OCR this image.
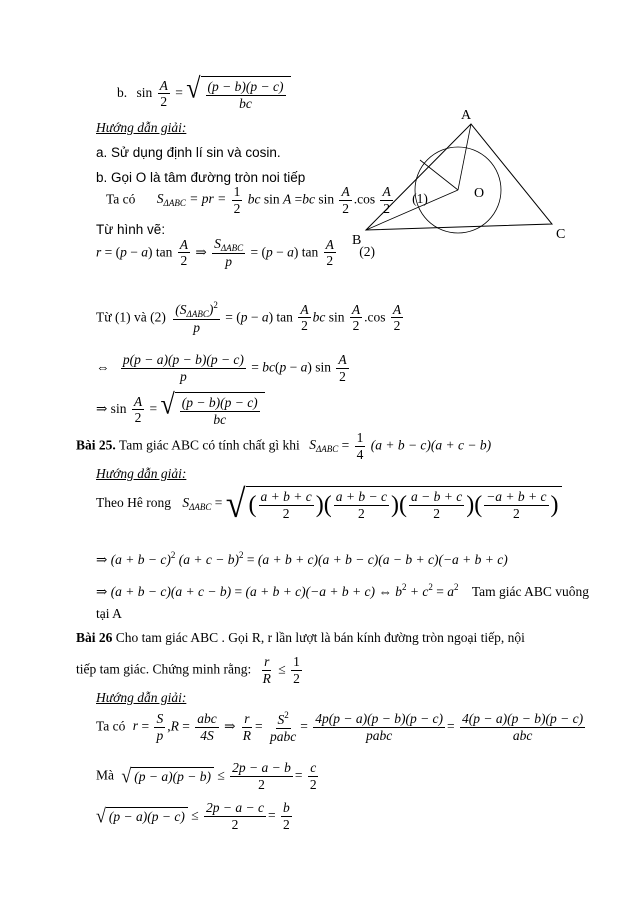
b. $\sin \frac{A}{2}$ = √ $\frac{(p - b)(p - c)}{bc}$
Hướng dẫn giải:
a. Sử dụng định lí sin và cosin.
b. Gọi O là tâm đường tròn noi tiếp
Ta có $S_{\Delta ABC}$ = pr = $\frac{1}{2}$ bc sin A =bc $\sin \frac{A}{2} .\cos \frac{A}{2} (1)$
Từ hình vẽ:
r = (p − a) $\tan \frac{A}{2}$ ⇒ $\frac{S_{\Delta ABC}}{p} = (p - a)$ $\tan \frac{A}{2} (2)$
A
B	C
O
Từ (1) và $(2) \frac{(S_{\Delta ABC})^2}{p} = (p - a)$ $\tan \frac{A}{2}$ bc $\sin \frac{A}{2} .\cos \frac{A}{2}$
⇔ $\frac{p(p - a)(p - b)(p - c)}{p} = bc(p - a)$ $\sin \frac{A}{2}$
⇒ $\sin \frac{A}{2}$ = √ $\frac{(p - b)(p - c)}{bc}$
Bài 25. Tam giác ABC có tính chất gì khi $S_{\Delta ABC} = \frac{1}{4} (a + b - c)(a + c - b)$
Hướng dẫn giải:
Theo Hê rong $S_{\Delta ABC}$ = √ ( $\frac{a + b + c}{2}$ ) ( $\frac{a + b - c}{2}$ ) ( $\frac{a - b + c}{2}$ ) ( $\frac{-a + b + c}{2}$ )
⇒ $(a + b - c)^2$ $(a + c - b)^2 = (a + b + c)(a + b - c)(a - b + c)(-a + b + c)$
⇒ (a + b − c)(a + c − b) = (a + b + c)(−a + b + c) ⇔ $b^2 + c^2 = a^2$ Tam giác ABC vuông
tại A
Bài 26 Cho tam giác ABC . Gọi R, r lần lượt là bán kính đường tròn ngoại tiếp, nội
tiếp tam giác. Chứng minh rằng: $\frac{r}{R} \le \frac{1}{2}$
Hướng dẫn giải:
Ta có $r = \frac{S}{p} ,R = \frac{\text{abc}}{4S}$ ⇒ $\frac{r}{R} = \frac{S^2}{\text{pabc}} = \frac{4p(p - a)(p - b)(p - c)}{\text{pabc}} = \frac{4(p - a)(p - b)(p - c)}{\text{abc}}$
Mà √ $(p - a)(p - b) \le \frac{2p - a - b}{2} = \frac{c}{2}$
√ $(p - a)(p - c) \le \frac{2p - a - c}{2} = \frac{b}{2}$
